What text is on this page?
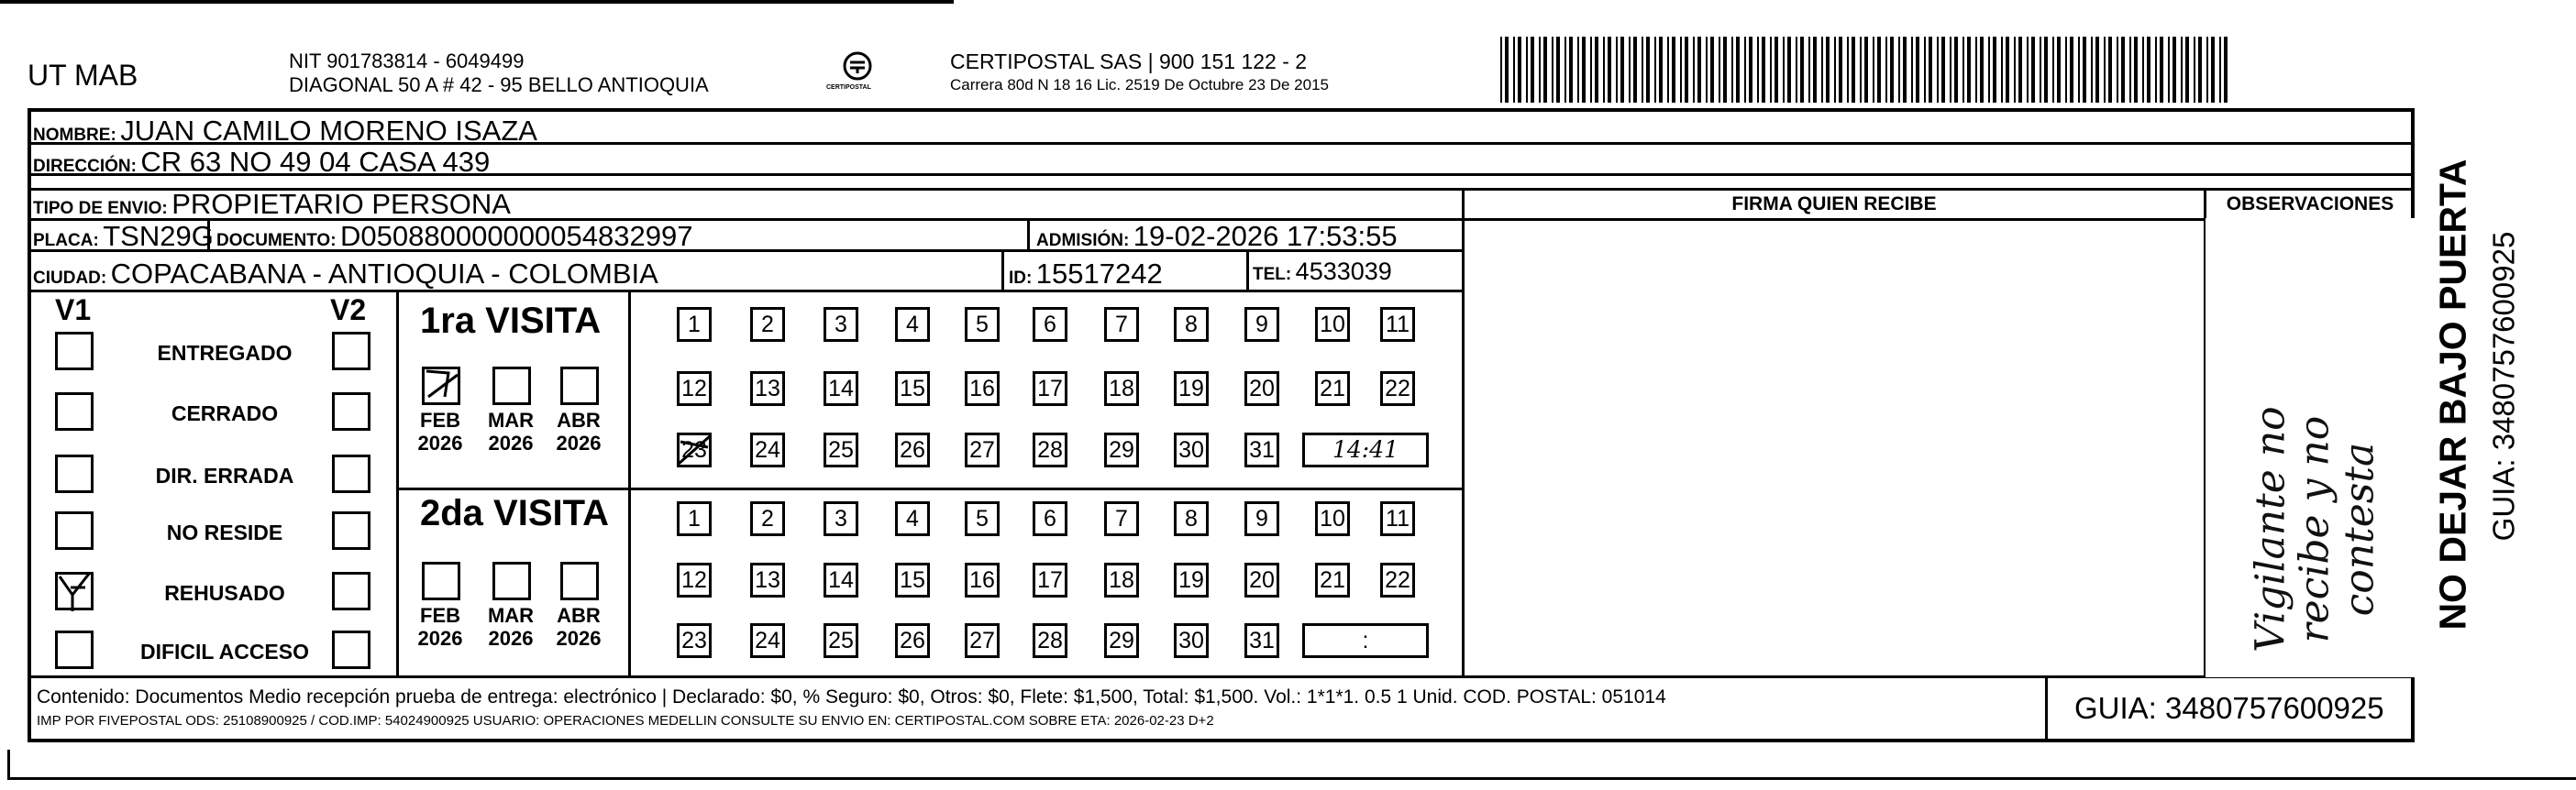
UT MAB	NIT 901783814 - 6049499
DIAGONAL 50 A # 42 - 95 BELLO ANTIOQUIA	CERTIPOSTAL
CERTIPOSTAL SAS | 900 151 122 - 2
Carrera 80d N 18 16 Lic. 2519 De Octubre 23 De 2015
NOMBRE: JUAN CAMILO MORENO ISAZA
DIRECCIÓN: CR 63 NO 49 04 CASA 439
TIPO DE ENVIO: PROPIETARIO PERSONA
PLACA: TSN29G DOCUMENTO: D050880000000054832997	ADMISIÓN: 19-02-2026 17:53:55
CIUDAD: COPACABANA - ANTIOQUIA - COLOMBIA	ID: 15517242	TEL: 4533039
FIRMA QUIEN RECIBE	OBSERVACIONES
Vigilante no recibe y no contesta
V1	V2
ENTREGADO
CERRADO
DIR. ERRADA
NO RESIDE
REHUSADO
DIFICIL ACCESO
1ra VISITA
2da VISITA
FEB
2026
MAR
2026
ABR
2026
FEB
2026
MAR
2026
ABR
2026
1	2	3	4	5	6	7	8	9	10 11
12 13 14 15 16 17 18 19 20 21 22
23 24 25 26 27 28 29 30 31	14:41
1	2	3	4	5	6	7	8	9	10 11
12 13 14 15 16 17 18 19 20 21 22
23 24 25 26 27 28 29 30 31	:
Contenido: Documentos Medio recepción prueba de entrega: electrónico | Declarado: $0, % Seguro: $0, Otros: $0, Flete: $1,500, Total: $1,500. Vol.: 1*1*1. 0.5 1 Unid. COD. POSTAL: 051014
IMP POR FIVEPOSTAL ODS: 25108900925 / COD.IMP: 54024900925 USUARIO: OPERACIONES MEDELLIN CONSULTE SU ENVIO EN: CERTIPOSTAL.COM SOBRE ETA: 2026-02-23 D+2	GUIA: 3480757600925
NO DEJAR BAJO PUERTA GUIA: 3480757600925
